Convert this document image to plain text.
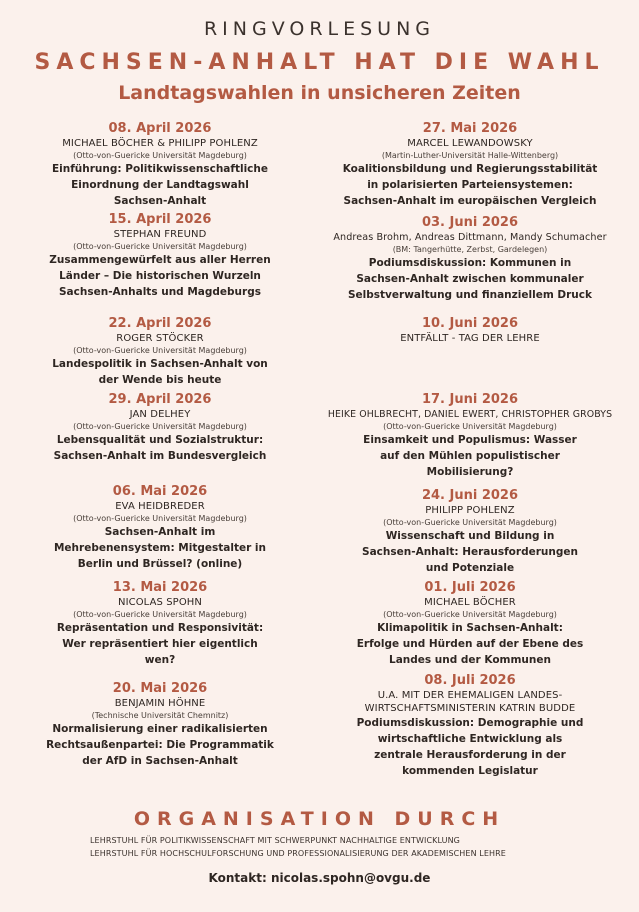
RINGVORLESUNG
SACHSEN-ANHALT HAT DIE WAHL
Landtagswahlen in unsicheren Zeiten
08. April 2026
MICHAEL BÖCHER & PHILIPP POHLENZ
(Otto-von-Guericke Universität Magdeburg)
Einführung: Politikwissenschaftliche
Einordnung der Landtagswahl
Sachsen-Anhalt
15. April 2026
STEPHAN FREUND
(Otto-von-Guericke Universität Magdeburg)
Zusammengewürfelt aus aller Herren
Länder – Die historischen Wurzeln
Sachsen-Anhalts und Magdeburgs
22. April 2026
ROGER STÖCKER
(Otto-von-Guericke Universität Magdeburg)
Landespolitik in Sachsen-Anhalt von
der Wende bis heute
29. April 2026
JAN DELHEY
(Otto-von-Guericke Universität Magdeburg)
Lebensqualität und Sozialstruktur:
Sachsen-Anhalt im Bundesvergleich
06. Mai 2026
EVA HEIDBREDER
(Otto-von-Guericke Universität Magdeburg)
Sachsen-Anhalt im
Mehrebenensystem: Mitgestalter in
Berlin und Brüssel? (online)
13. Mai 2026
NICOLAS SPOHN
(Otto-von-Guericke Universität Magdeburg)
Repräsentation und Responsivität:
Wer repräsentiert hier eigentlich
wen?
20. Mai 2026
BENJAMIN HÖHNE
(Technische Universität Chemnitz)
Normalisierung einer radikalisierten
Rechtsaußenpartei: Die Programmatik
der AfD in Sachsen-Anhalt
27. Mai 2026
MARCEL LEWANDOWSKY
(Martin-Luther-Universität Halle-Wittenberg)
Koalitionsbildung und Regierungsstabilität
in polarisierten Parteiensystemen:
Sachsen-Anhalt im europäischen Vergleich
03. Juni 2026
Andreas Brohm, Andreas Dittmann, Mandy Schumacher
(BM: Tangerhütte, Zerbst, Gardelegen)
Podiumsdiskussion: Kommunen in
Sachsen-Anhalt zwischen kommunaler
Selbstverwaltung und finanziellem Druck
10. Juni 2026
ENTFÄLLT - TAG DER LEHRE
17. Juni 2026
HEIKE OHLBRECHT, DANIEL EWERT, CHRISTOPHER GROBYS
(Otto-von-Guericke Universität Magdeburg)
Einsamkeit und Populismus: Wasser
auf den Mühlen populistischer
Mobilisierung?
24. Juni 2026
PHILIPP POHLENZ
(Otto-von-Guericke Universität Magdeburg)
Wissenschaft und Bildung in
Sachsen-Anhalt: Herausforderungen
und Potenziale
01. Juli 2026
MICHAEL BÖCHER
(Otto-von-Guericke Universität Magdeburg)
Klimapolitik in Sachsen-Anhalt:
Erfolge und Hürden auf der Ebene des
Landes und der Kommunen
08. Juli 2026
U.A. MIT DER EHEMALIGEN LANDES-
WIRTSCHAFTSMINISTERIN KATRIN BUDDE
Podiumsdiskussion: Demographie und
wirtschaftliche Entwicklung als
zentrale Herausforderung in der
kommenden Legislatur
ORGANISATION DURCH
LEHRSTUHL FÜR POLITIKWISSENSCHAFT MIT SCHWERPUNKT NACHHALTIGE ENTWICKLUNG
LEHRSTUHL FÜR HOCHSCHULFORSCHUNG UND PROFESSIONALISIERUNG DER AKADEMISCHEN LEHRE
Kontakt: nicolas.spohn@ovgu.de
